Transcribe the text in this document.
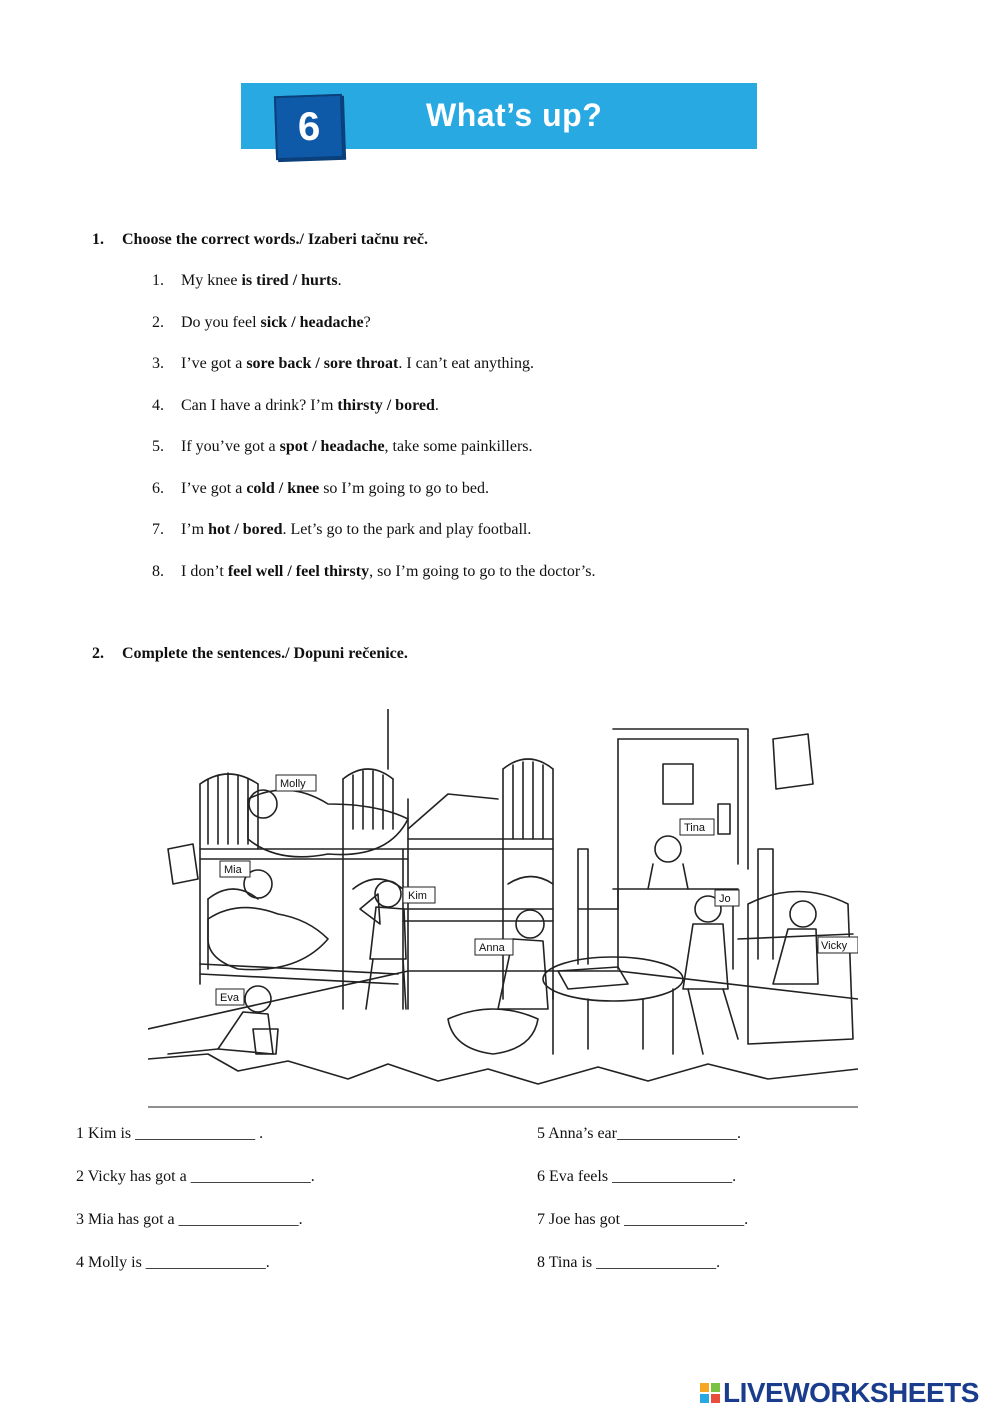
6	What’s up?
1. Choose the correct words./ Izaberi tačnu reč.
1. My knee is tired / hurts.
2. Do you feel sick / headache?
3. I’ve got a sore back / sore throat. I can’t eat anything.
4. Can I have a drink? I’m thirsty / bored.
5. If you’ve got a spot / headache, take some painkillers.
6. I’ve got a cold / knee so I’m going to go to bed.
7. I’m hot / bored. Let’s go to the park and play football.
8. I don’t feel well / feel thirsty, so I’m going to go to the doctor’s.
2. Complete the sentences./ Dopuni rečenice.
Molly
Mia
Kim
Anna
Eva
Tina
Jo
Vicky
1 Kim is _______________ .
2 Vicky has got a _______________.
3 Mia has got a _______________.
4 Molly is _______________.
5 Anna’s ear_______________.
6 Eva feels _______________.
7 Joe has got _______________.
8 Tina is _______________.
LIVEWORKSHEETS
